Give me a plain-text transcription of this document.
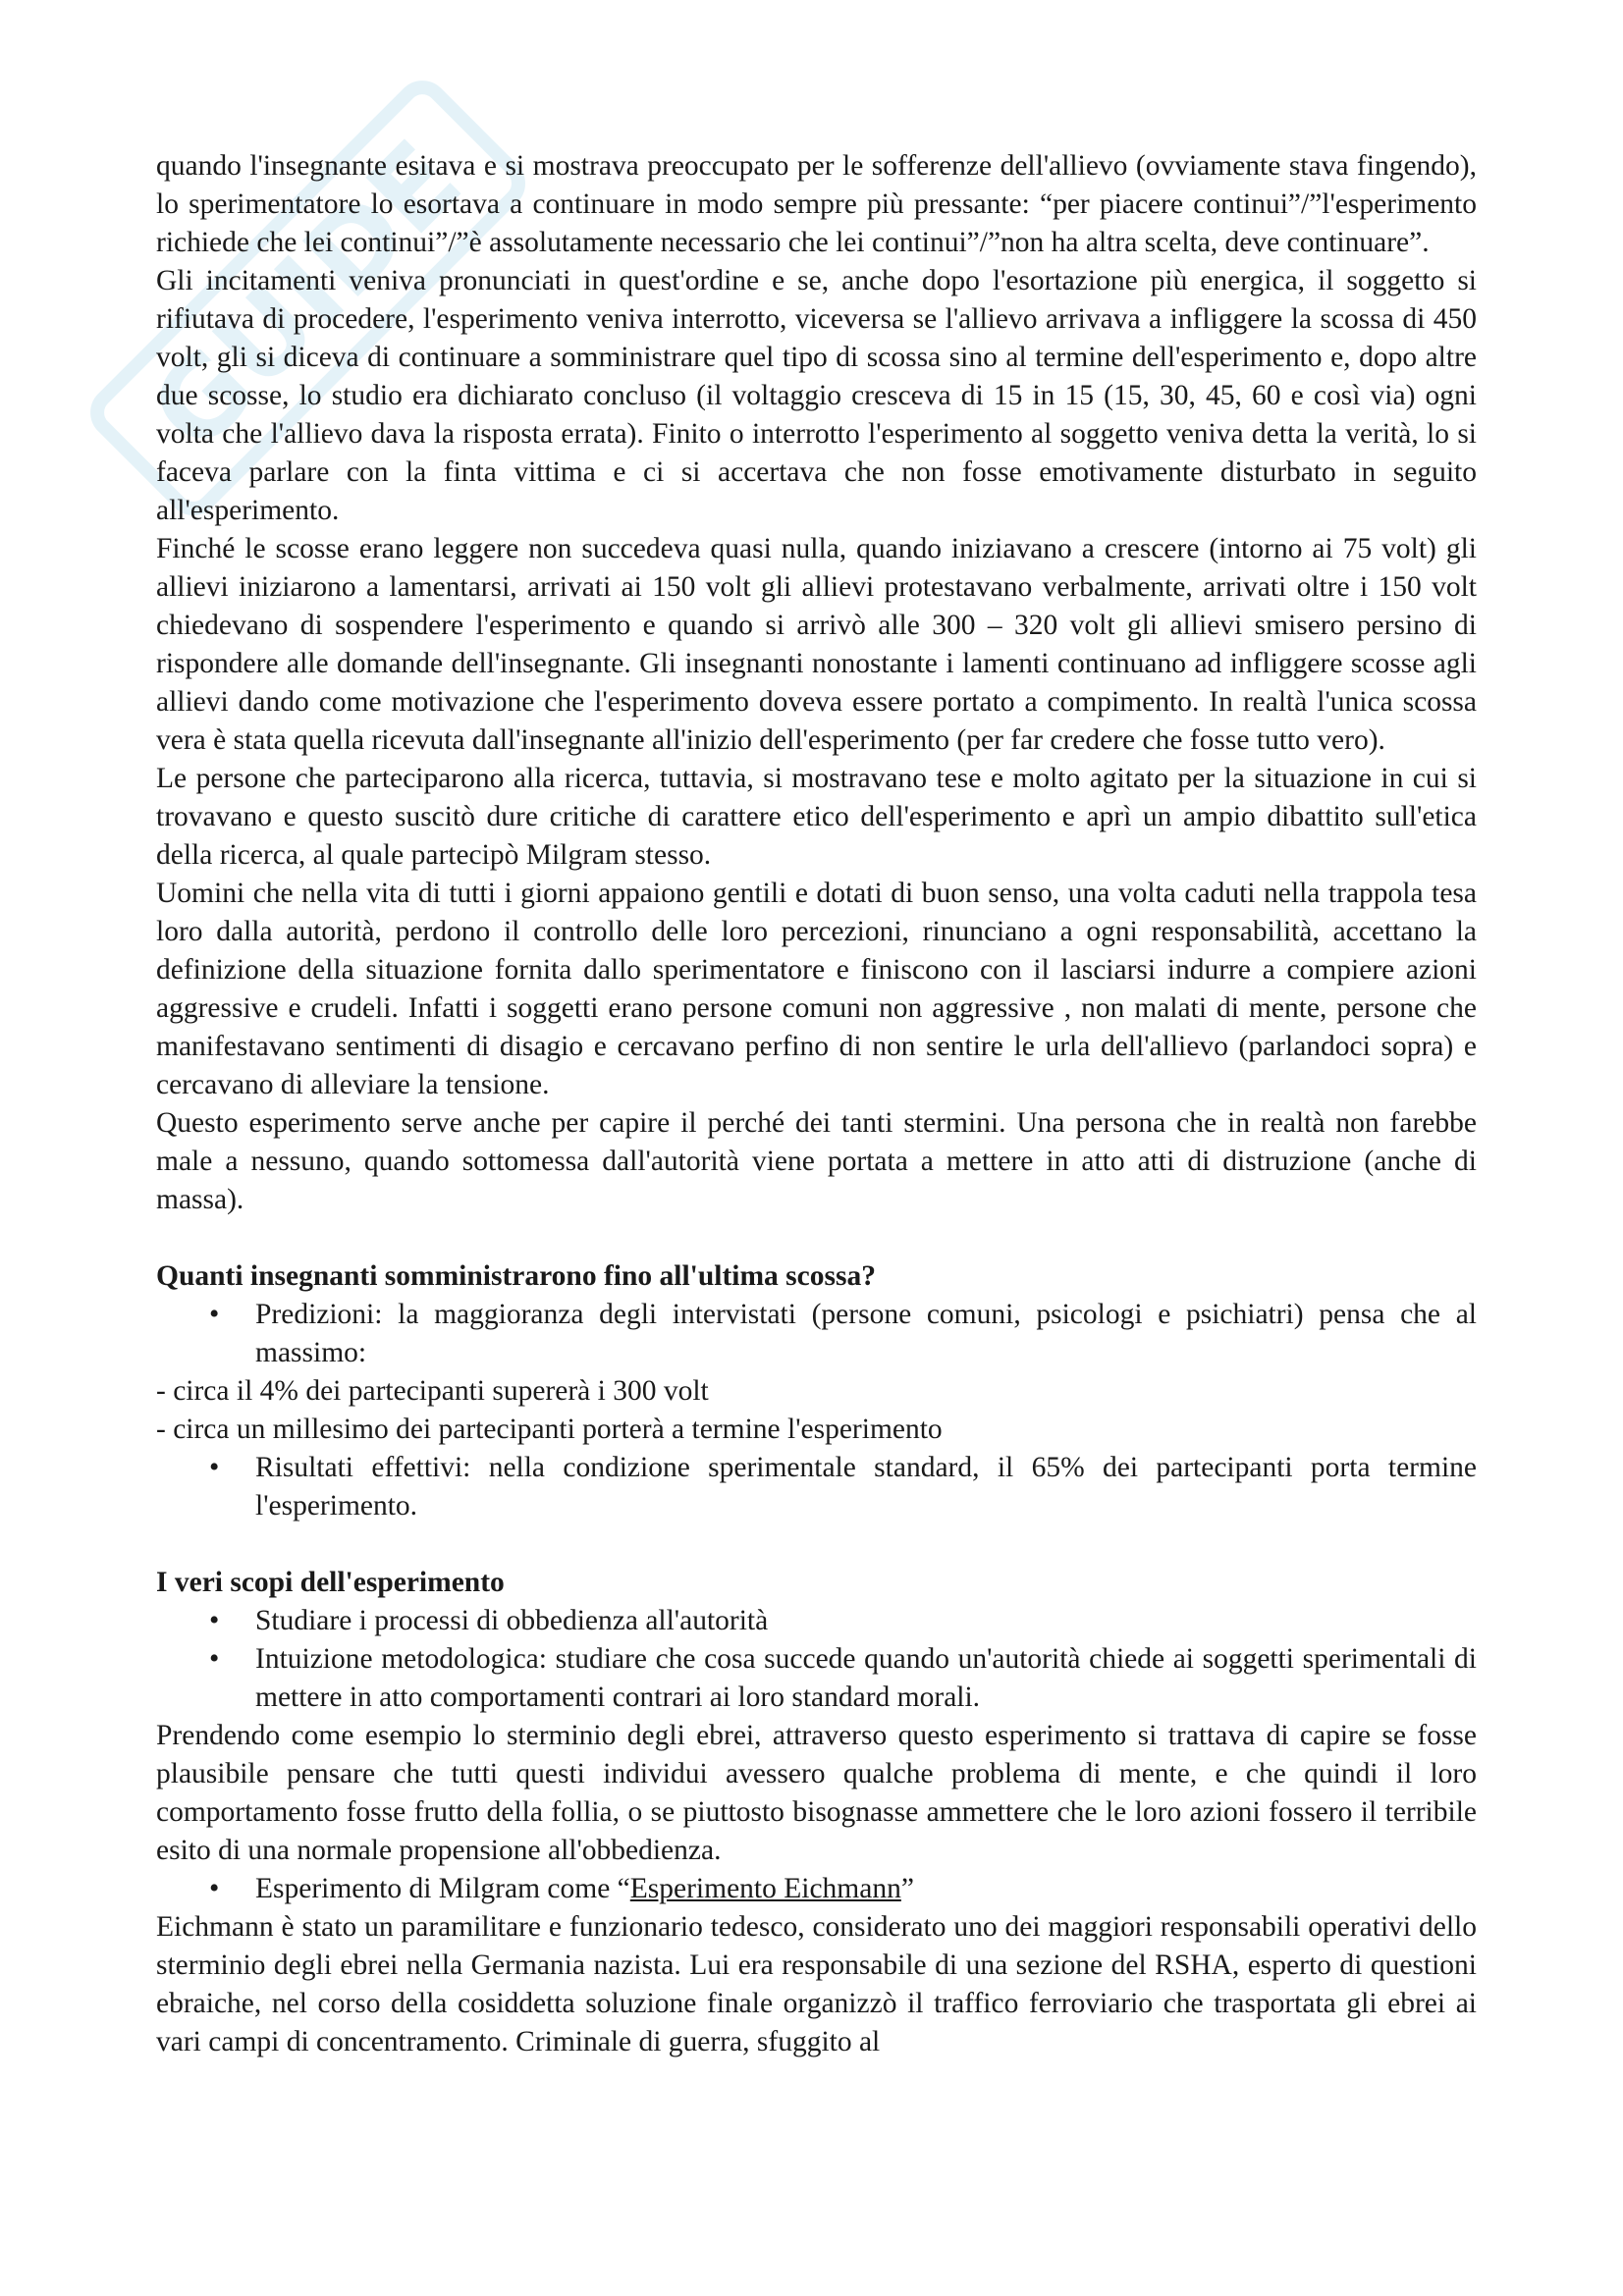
GUIDE

quando l'insegnante esitava e si mostrava preoccupato per le sofferenze dell'allievo (ovviamente stava fingendo), lo sperimentatore lo esortava a continuare in modo sempre più pressante: “per piacere continui”/”l'esperimento richiede che lei continui”/”è assolutamente necessario che lei continui”/”non ha altra scelta, deve continuare”.

Gli incitamenti veniva pronunciati in quest'ordine e se, anche dopo l'esortazione più energica, il soggetto si rifiutava di procedere, l'esperimento veniva interrotto, viceversa se l'allievo arrivava a infliggere la scossa di 450 volt, gli si diceva di continuare a somministrare quel tipo di scossa sino al termine dell'esperimento e, dopo altre due scosse, lo studio era dichiarato concluso (il voltaggio cresceva di 15 in 15 (15, 30, 45, 60 e così via) ogni volta che l'allievo dava la risposta errata). Finito o interrotto l'esperimento al soggetto veniva detta la verità, lo si faceva parlare con la finta vittima e ci si accertava che non fosse emotivamente disturbato in seguito all'esperimento.

Finché le scosse erano leggere non succedeva quasi nulla, quando iniziavano a crescere (intorno ai 75 volt) gli allievi iniziarono a lamentarsi, arrivati ai 150 volt gli allievi protestavano verbalmente, arrivati oltre i 150 volt chiedevano di sospendere l'esperimento e quando si arrivò alle 300 – 320 volt gli allievi smisero persino di rispondere alle domande dell'insegnante. Gli insegnanti nonostante i lamenti continuano ad infliggere scosse agli allievi dando come motivazione che l'esperimento doveva essere portato a compimento. In realtà l'unica scossa vera è stata quella ricevuta dall'insegnante all'inizio dell'esperimento (per far credere che fosse tutto vero).

Le persone che parteciparono alla ricerca, tuttavia, si mostravano tese e molto agitato per la situazione in cui si trovavano e questo suscitò dure critiche di carattere etico dell'esperimento e aprì un ampio dibattito sull'etica della ricerca, al quale partecipò Milgram stesso.

Uomini che nella vita di tutti i giorni appaiono gentili e dotati di buon senso, una volta caduti nella trappola tesa loro dalla autorità, perdono il controllo delle loro percezioni, rinunciano a ogni responsabilità, accettano la definizione della situazione fornita dallo sperimentatore e finiscono con il lasciarsi indurre a compiere azioni aggressive e crudeli. Infatti i soggetti erano persone comuni non aggressive , non malati di mente, persone che manifestavano sentimenti di disagio e cercavano perfino di non sentire le urla dell'allievo (parlandoci sopra) e cercavano di alleviare la tensione.

Questo esperimento serve anche per capire il perché dei tanti stermini. Una persona che in realtà non farebbe male a nessuno, quando sottomessa dall'autorità viene portata a mettere in atto atti di distruzione (anche di massa).

Quanti insegnanti somministrarono fino all'ultima scossa?
• Predizioni: la maggioranza degli intervistati (persone comuni, psicologi e psichiatri) pensa che al massimo:

- circa il 4% dei partecipanti supererà i 300 volt

- circa un millesimo dei partecipanti porterà a termine l'esperimento

• Risultati effettivi: nella condizione sperimentale standard, il 65% dei partecipanti porta termine l'esperimento.
I veri scopi dell'esperimento
• Studiare i processi di obbedienza all'autorità
• Intuizione metodologica: studiare che cosa succede quando un'autorità chiede ai soggetti sperimentali di mettere in atto comportamenti contrari ai loro standard morali.

Prendendo come esempio lo sterminio degli ebrei, attraverso questo esperimento si trattava di capire se fosse plausibile pensare che tutti questi individui avessero qualche problema di mente, e che quindi il loro comportamento fosse frutto della follia, o se piuttosto bisognasse ammettere che le loro azioni fossero il terribile esito di una normale propensione all'obbedienza.

• Esperimento di Milgram come “Esperimento Eichmann”

Eichmann è stato un paramilitare e funzionario tedesco, considerato uno dei maggiori responsabili operativi dello sterminio degli ebrei nella Germania nazista. Lui era responsabile di una sezione del RSHA, esperto di questioni ebraiche, nel corso della cosiddetta soluzione finale organizzò il traffico ferroviario che trasportata gli ebrei ai vari campi di concentramento. Criminale di guerra, sfuggito al
